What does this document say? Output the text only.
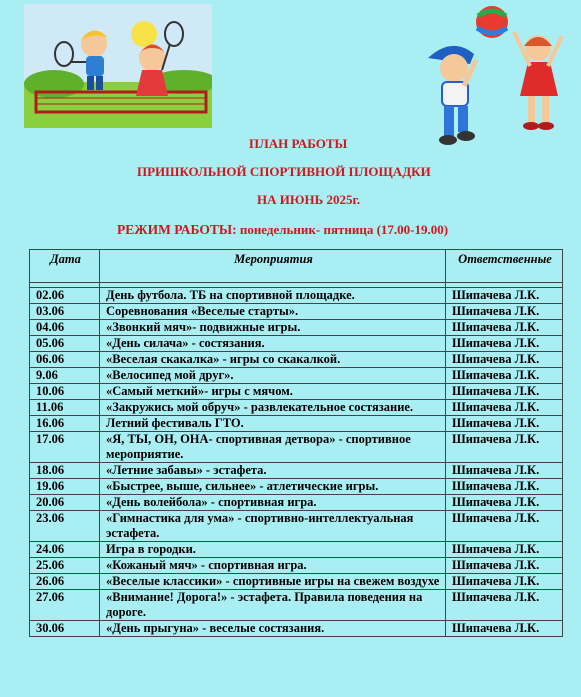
ПЛАН РАБОТЫ
ПРИШКОЛЬНОЙ СПОРТИВНОЙ ПЛОЩАДКИ
НА ИЮНЬ 2025г.
РЕЖИМ РАБОТЫ: понедельник- пятница (17.00-19.00)
Дата	Мероприятия	Ответственные

02.06	День футбола. ТБ на спортивной площадке.	Шипачева Л.К.
03.06	Соревнования «Веселые старты».	Шипачева Л.К.
04.06	«Звонкий мяч»- подвижные игры.	Шипачева Л.К.
05.06	«День силача» - состязания.	Шипачева Л.К.
06.06	«Веселая скакалка» - игры со скакалкой.	Шипачева Л.К.
9.06	«Велосипед мой друг».	Шипачева Л.К.
10.06	«Самый меткий»- игры с мячом.	Шипачева Л.К.
11.06	«Закружись мой обруч» - развлекательное состязание.	Шипачева Л.К.
16.06	Летний фестиваль ГТО.	Шипачева Л.К.
17.06	«Я, ТЫ, ОН, ОНА- спортивная детвора» - спортивное мероприятие.	Шипачева Л.К.
18.06	«Летние забавы» - эстафета.	Шипачева Л.К.
19.06	«Быстрее, выше, сильнее» - атлетические игры.	Шипачева Л.К.
20.06	«День волейбола» - спортивная игра.	Шипачева Л.К.
23.06	«Гимнастика для ума» - спортивно-интеллектуальная эстафета.	Шипачева Л.К.
24.06	Игра в городки.	Шипачева Л.К.
25.06	«Кожаный мяч» - спортивная игра.	Шипачева Л.К.
26.06	«Веселые классики» - спортивные игры на свежем воздухе	Шипачева Л.К.
27.06	«Внимание! Дорога!» - эстафета. Правила поведения на дороге.	Шипачева Л.К.
30.06	«День прыгуна» - веселые состязания.	Шипачева Л.К.
